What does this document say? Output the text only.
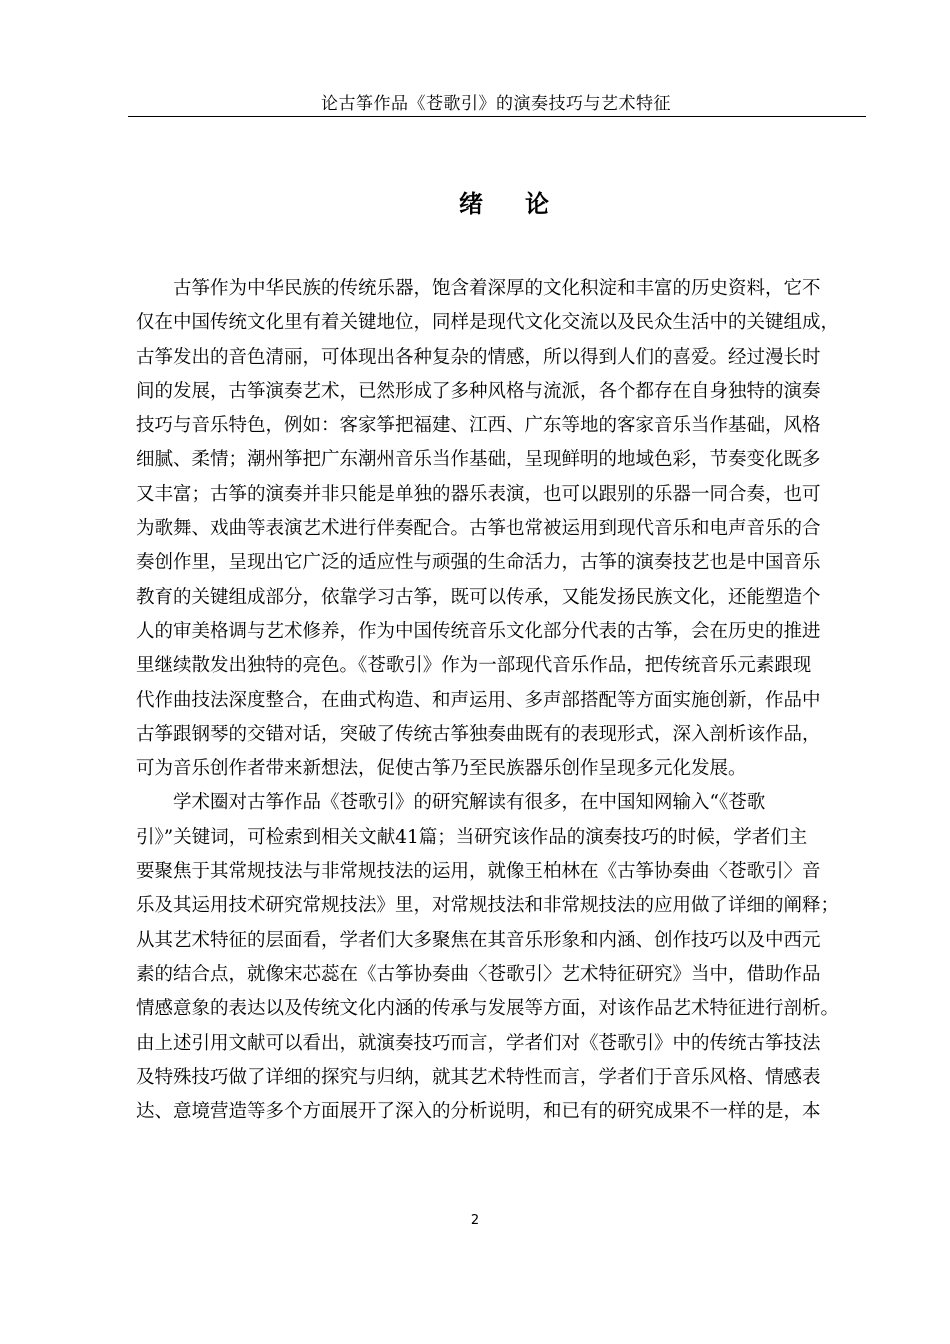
论古筝作品《苍歌引》的演奏技巧与艺术特征
绪论
古筝作为中华民族的传统乐器，饱含着深厚的文化积淀和丰富的历史资料，它不
仅在中国传统文化里有着关键地位，同样是现代文化交流以及民众生活中的关键组成，
古筝发出的音色清丽，可体现出各种复杂的情感，所以得到人们的喜爱。经过漫长时
间的发展，古筝演奏艺术，已然形成了多种风格与流派，各个都存在自身独特的演奏
技巧与音乐特色，例如：客家筝把福建、江西、广东等地的客家音乐当作基础，风格
细腻、柔情；潮州筝把广东潮州音乐当作基础，呈现鲜明的地域色彩，节奏变化既多
又丰富；古筝的演奏并非只能是单独的器乐表演，也可以跟别的乐器一同合奏，也可
为歌舞、戏曲等表演艺术进行伴奏配合。古筝也常被运用到现代音乐和电声音乐的合
奏创作里，呈现出它广泛的适应性与顽强的生命活力，古筝的演奏技艺也是中国音乐
教育的关键组成部分，依靠学习古筝，既可以传承，又能发扬民族文化，还能塑造个
人的审美格调与艺术修养，作为中国传统音乐文化部分代表的古筝，会在历史的推进
里继续散发出独特的亮色。《苍歌引》作为一部现代音乐作品，把传统音乐元素跟现
代作曲技法深度整合，在曲式构造、和声运用、多声部搭配等方面实施创新，作品中
古筝跟钢琴的交错对话，突破了传统古筝独奏曲既有的表现形式，深入剖析该作品，
可为音乐创作者带来新想法，促使古筝乃至民族器乐创作呈现多元化发展。
学术圈对古筝作品《苍歌引》的研究解读有很多，在中国知网输入“《苍歌
引》”关键词，可检索到相关文献41篇；当研究该作品的演奏技巧的时候，学者们主
要聚焦于其常规技法与非常规技法的运用，就像王柏林在《古筝协奏曲〈苍歌引〉音
乐及其运用技术研究常规技法》里，对常规技法和非常规技法的应用做了详细的阐释；
从其艺术特征的层面看，学者们大多聚焦在其音乐形象和内涵、创作技巧以及中西元
素的结合点，就像宋芯蕊在《古筝协奏曲〈苍歌引〉艺术特征研究》当中，借助作品
情感意象的表达以及传统文化内涵的传承与发展等方面，对该作品艺术特征进行剖析。
由上述引用文献可以看出，就演奏技巧而言，学者们对《苍歌引》中的传统古筝技法
及特殊技巧做了详细的探究与归纳，就其艺术特性而言，学者们于音乐风格、情感表
达、意境营造等多个方面展开了深入的分析说明，和已有的研究成果不一样的是，本
2
